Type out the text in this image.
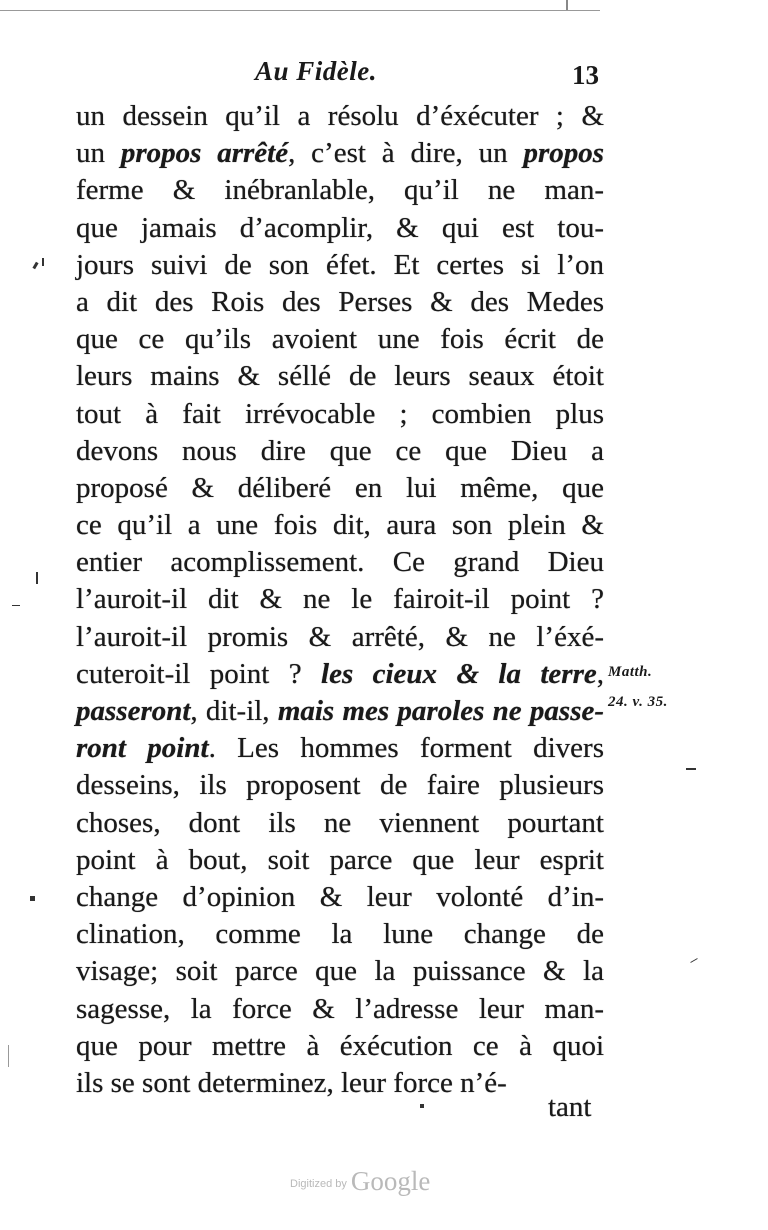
Au Fidèle.	13
un dessein qu’il a résolu d’éxécuter ; &
un propos arrêté, c’est à dire, un propos
ferme & inébranlable, qu’il ne man-
que jamais d’acomplir, & qui est tou-
jours suivi de son éfet. Et certes si l’on
a dit des Rois des Perses & des Medes
que ce qu’ils avoient une fois écrit de
leurs mains & séllé de leurs seaux étoit
tout à fait irrévocable ; combien plus
devons nous dire que ce que Dieu a
proposé & déliberé en lui même, que
ce qu’il a une fois dit, aura son plein &
entier acomplissement. Ce grand Dieu
l’auroit-il dit & ne le fairoit-il point ?
l’auroit-il promis & arrêté, & ne l’éxé-
cuteroit-il point ? les cieux & la terre,
passeront, dit-il, mais mes paroles ne passe-
ront point. Les hommes forment divers
desseins, ils proposent de faire plusieurs
choses, dont ils ne viennent pourtant
point à bout, soit parce que leur esprit
change d’opinion & leur volonté d’in-
clination, comme la lune change de
visage; soit parce que la puissance & la
sagesse, la force & l’adresse leur man-
que pour mettre à éxécution ce à quoi
ils se sont determinez, leur force n’é-
Matth.
24. v. 35.
tant
Digitized by Google
